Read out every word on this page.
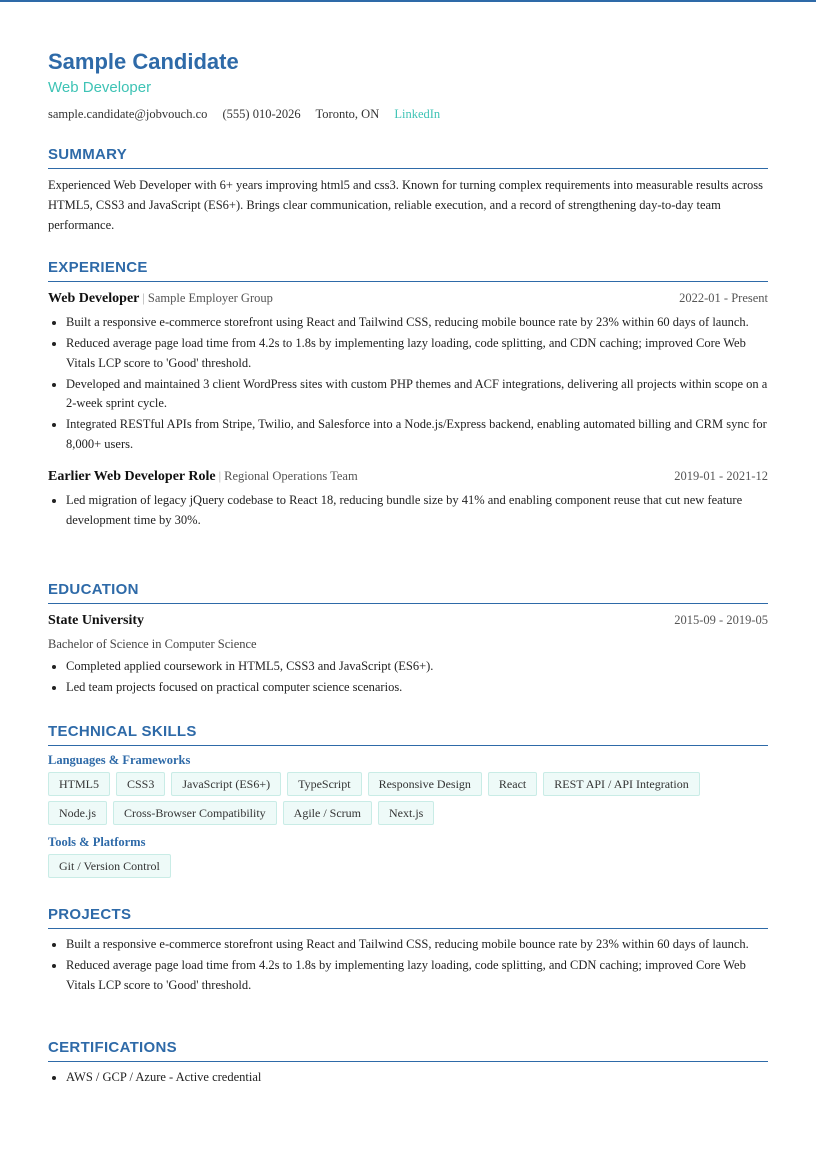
Sample Candidate
Web Developer
sample.candidate@jobvouch.co (555) 010-2026 Toronto, ON LinkedIn
SUMMARY

Experienced Web Developer with 6+ years improving html5 and css3. Known for turning complex requirements into measurable results across HTML5, CSS3 and JavaScript (ES6+). Brings clear communication, reliable execution, and a record of strengthening day-to-day team performance.

EXPERIENCE
Web Developer | Sample Employer Group	2022-01 - Present
• Built a responsive e-commerce storefront using React and Tailwind CSS, reducing mobile bounce rate by 23% within 60 days of launch.
• Reduced average page load time from 4.2s to 1.8s by implementing lazy loading, code splitting, and CDN caching; improved Core Web Vitals LCP score to 'Good' threshold.
• Developed and maintained 3 client WordPress sites with custom PHP themes and ACF integrations, delivering all projects within scope on a 2-week sprint cycle.
• Integrated RESTful APIs from Stripe, Twilio, and Salesforce into a Node.js/Express backend, enabling automated billing and CRM sync for 8,000+ users.
Earlier Web Developer Role | Regional Operations Team	2019-01 - 2021-12
• Led migration of legacy jQuery codebase to React 18, reducing bundle size by 41% and enabling component reuse that cut new feature development time by 30%.
EDUCATION
State University	2015-09 - 2019-05
Bachelor of Science in Computer Science
• Completed applied coursework in HTML5, CSS3 and JavaScript (ES6+).
• Led team projects focused on practical computer science scenarios.
TECHNICAL SKILLS
Languages & Frameworks
HTML5	CSS3	JavaScript (ES6+)	TypeScript	Responsive Design	React	REST API / API Integration
Node.js	Cross-Browser Compatibility	Agile / Scrum	Next.js
Tools & Platforms
Git / Version Control
PROJECTS
• Built a responsive e-commerce storefront using React and Tailwind CSS, reducing mobile bounce rate by 23% within 60 days of launch.
• Reduced average page load time from 4.2s to 1.8s by implementing lazy loading, code splitting, and CDN caching; improved Core Web Vitals LCP score to 'Good' threshold.
CERTIFICATIONS
• AWS / GCP / Azure - Active credential
